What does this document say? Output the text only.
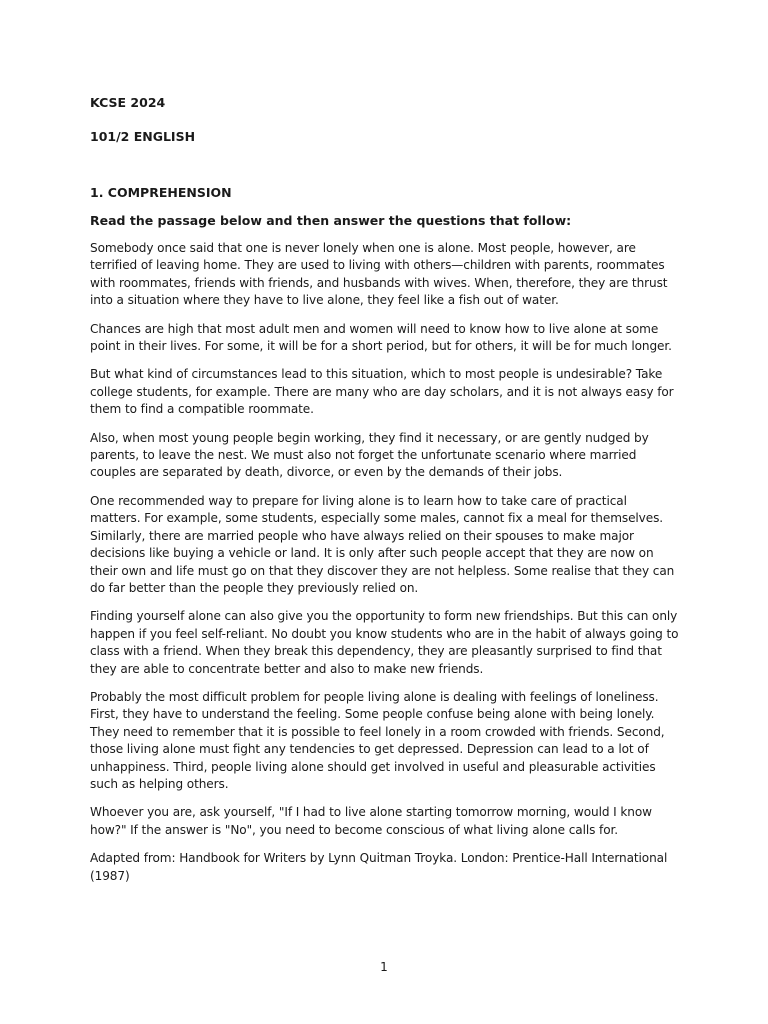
KCSE 2024

101/2 ENGLISH

1. COMPREHENSION

Read the passage below and then answer the questions that follow:

Somebody once said that one is never lonely when one is alone. Most people, however, are terrified of leaving home. They are used to living with others—children with parents, roommates with roommates, friends with friends, and husbands with wives. When, therefore, they are thrust into a situation where they have to live alone, they feel like a fish out of water.

Chances are high that most adult men and women will need to know how to live alone at some point in their lives. For some, it will be for a short period, but for others, it will be for much longer.

But what kind of circumstances lead to this situation, which to most people is undesirable? Take college students, for example. There are many who are day scholars, and it is not always easy for them to find a compatible roommate.

Also, when most young people begin working, they find it necessary, or are gently nudged by parents, to leave the nest. We must also not forget the unfortunate scenario where married couples are separated by death, divorce, or even by the demands of their jobs.

One recommended way to prepare for living alone is to learn how to take care of practical matters. For example, some students, especially some males, cannot fix a meal for themselves. Similarly, there are married people who have always relied on their spouses to make major decisions like buying a vehicle or land. It is only after such people accept that they are now on their own and life must go on that they discover they are not helpless. Some realise that they can do far better than the people they previously relied on.

Finding yourself alone can also give you the opportunity to form new friendships. But this can only happen if you feel self-reliant. No doubt you know students who are in the habit of always going to class with a friend. When they break this dependency, they are pleasantly surprised to find that they are able to concentrate better and also to make new friends.

Probably the most difficult problem for people living alone is dealing with feelings of loneliness. First, they have to understand the feeling. Some people confuse being alone with being lonely. They need to remember that it is possible to feel lonely in a room crowded with friends. Second, those living alone must fight any tendencies to get depressed. Depression can lead to a lot of unhappiness. Third, people living alone should get involved in useful and pleasurable activities such as helping others.

Whoever you are, ask yourself, "If I had to live alone starting tomorrow morning, would I know how?" If the answer is "No", you need to become conscious of what living alone calls for.

Adapted from: Handbook for Writers by Lynn Quitman Troyka. London: Prentice-Hall International (1987)

1
